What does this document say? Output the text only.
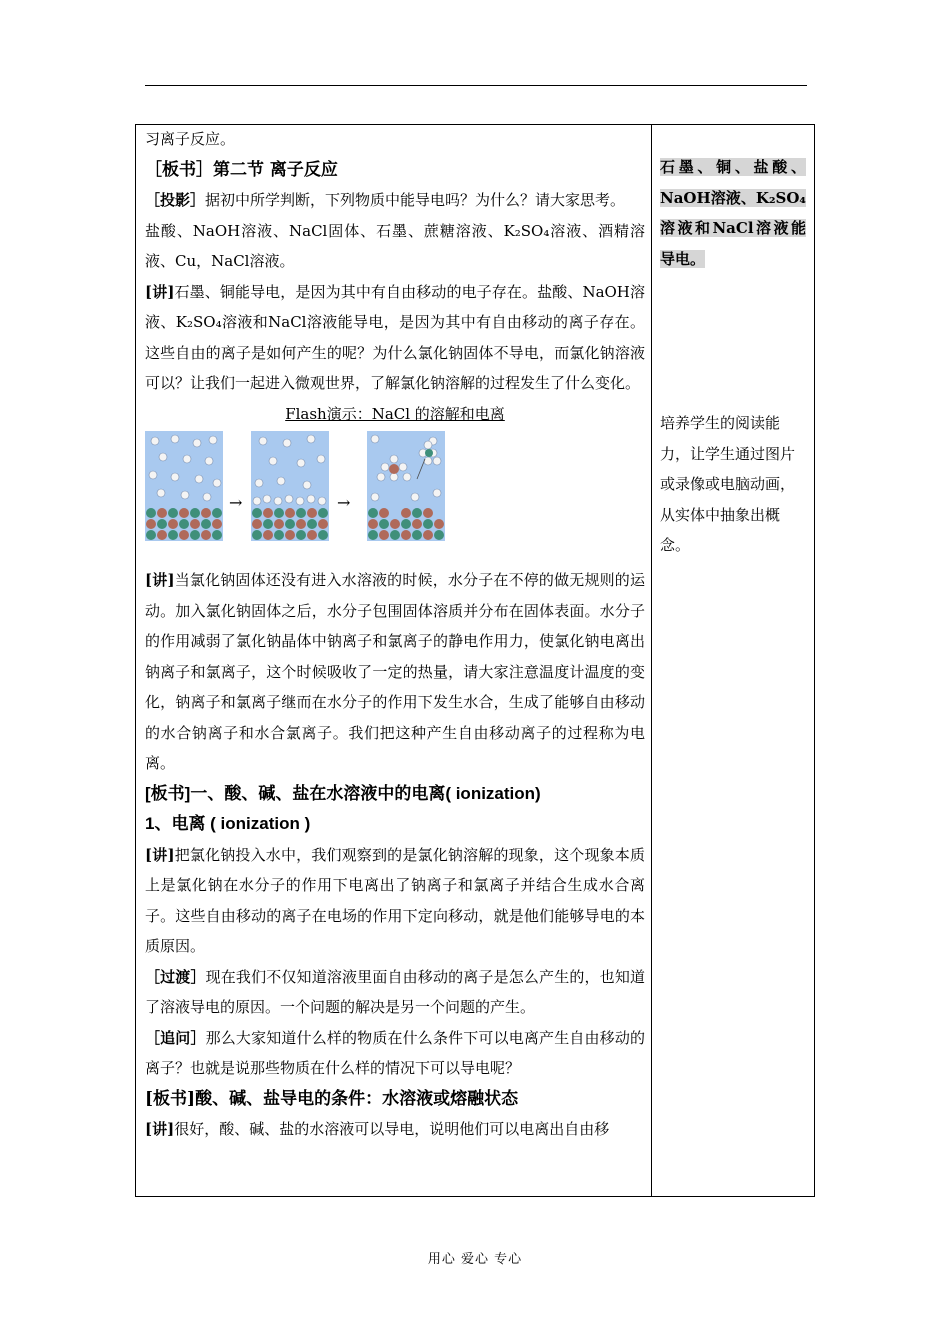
习离子反应。

［板书］第二节 离子反应

［投影］据初中所学判断，下列物质中能导电吗？为什么？请大家思考。

盐酸、NaOH溶液、NaCl固体、石墨、蔗糖溶液、K₂SO₄溶液、酒精溶液、Cu，NaCl溶液。

[讲]石墨、铜能导电，是因为其中有自由移动的电子存在。盐酸、NaOH溶液、K₂SO₄溶液和NaCl溶液能导电，是因为其中有自由移动的离子存在。这些自由的离子是如何产生的呢？为什么氯化钠固体不导电，而氯化钠溶液可以？让我们一起进入微观世界，了解氯化钠溶解的过程发生了什么变化。

Flash演示：NaCl 的溶解和电离

→	→

[讲]当氯化钠固体还没有进入水溶液的时候，水分子在不停的做无规则的运动。加入氯化钠固体之后，水分子包围固体溶质并分布在固体表面。水分子的作用减弱了氯化钠晶体中钠离子和氯离子的静电作用力，使氯化钠电离出钠离子和氯离子，这个时候吸收了一定的热量，请大家注意温度计温度的变化，钠离子和氯离子继而在水分子的作用下发生水合，生成了能够自由移动的水合钠离子和水合氯离子。我们把这种产生自由移动离子的过程称为电离。

[板书]一、酸、碱、盐在水溶液中的电离( ionization)

1、电离 ( ionization )

[讲]把氯化钠投入水中，我们观察到的是氯化钠溶解的现象，这个现象本质上是氯化钠在水分子的作用下电离出了钠离子和氯离子并结合生成水合离子。这些自由移动的离子在电场的作用下定向移动，就是他们能够导电的本质原因。

［过渡］现在我们不仅知道溶液里面自由移动的离子是怎么产生的，也知道了溶液导电的原因。一个问题的解决是另一个问题的产生。

［追问］那么大家知道什么样的物质在什么条件下可以电离产生自由移动的离子？也就是说那些物质在什么样的情况下可以导电呢？

[板书]酸、碱、盐导电的条件：水溶液或熔融状态

[讲]很好，酸、碱、盐的水溶液可以导电，说明他们可以电离出自由移

石墨、铜、盐酸、NaOH溶液、K₂SO₄溶液和NaCl溶液能导电。

培养学生的阅读能力，让学生通过图片或录像或电脑动画，从实体中抽象出概念。

用心 爱心 专心
